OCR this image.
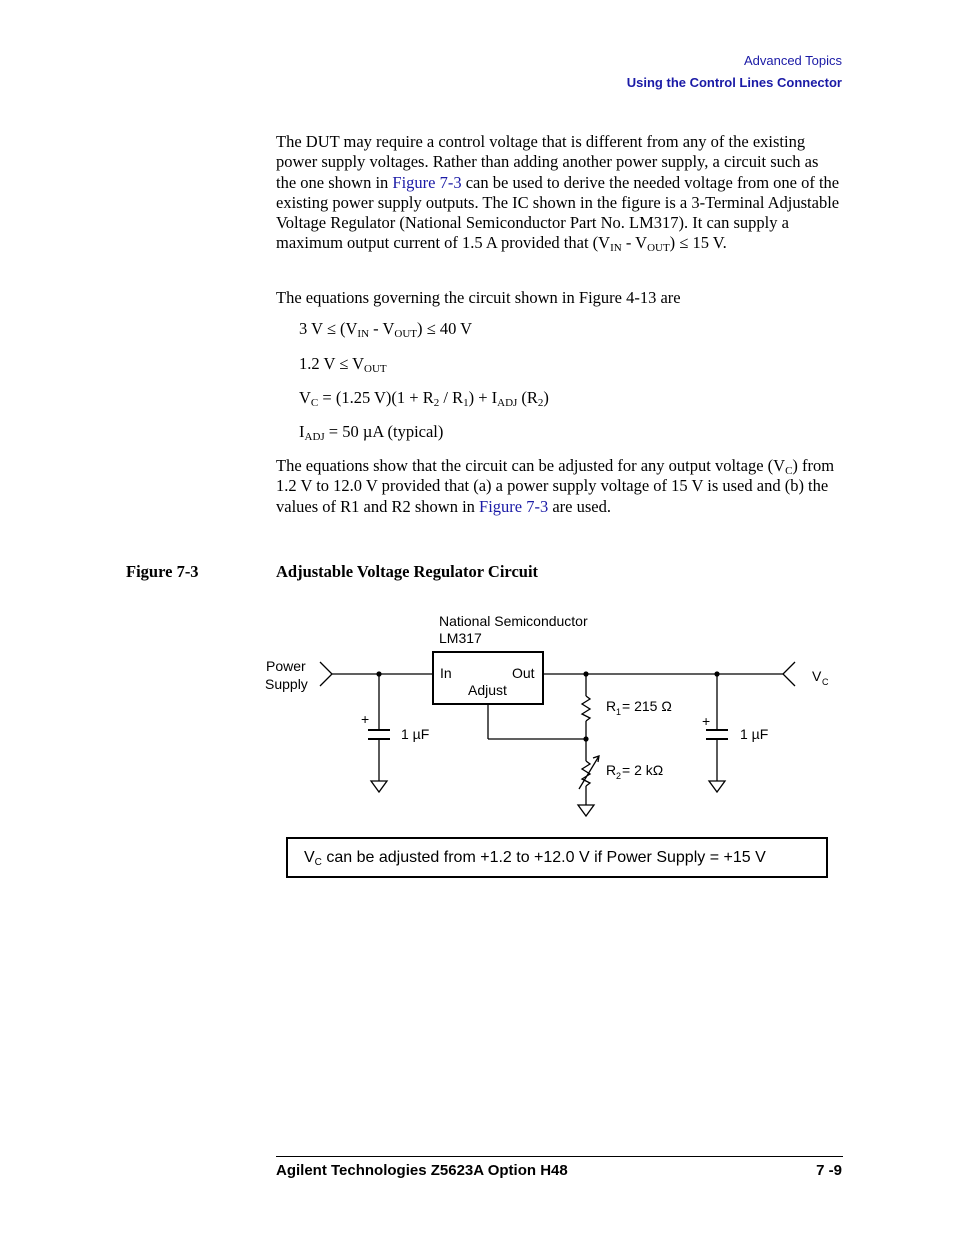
Advanced Topics
Using the Control Lines Connector

The DUT may require a control voltage that is different from any of the existing power supply voltages. Rather than adding another power supply, a circuit such as the one shown in Figure 7-3 can be used to derive the needed voltage from one of the existing power supply outputs. The IC shown in the figure is a 3-Terminal Adjustable Voltage Regulator (National Semiconductor Part No. LM317). It can supply a maximum output current of 1.5 A provided that $(V_{IN} - V_{OUT}) \le 15$ V.

The equations governing the circuit shown in Figure 4-13 are

3 $V \le (V_{IN} - V_{OUT}) \le 40$ V
1.2 $V \le V_{OUT}$
$V_C = (1.25$ $V)(1 + R_2 / R_1) + I_{ADJ}$ $(R_2)$
$I_{ADJ} = 50$ µA (typical)

The equations show that the circuit can be adjusted for any output voltage $(V_C)$ from 1.2 V to 12.0 V provided that (a) a power supply voltage of 15 V is used and (b) the values of R1 and R2 shown in Figure 7-3 are used.

Figure 7-3	Adjustable Voltage Regulator Circuit
National Semiconductor
LM317
In	Out
Adjust
Power
Supply	V C
+
1 µF
+
1 µF
R 1 = 215 Ω
R 2 = 2 kΩ
$V_C$ can be adjusted from +1.2 to +12.0 V if Power Supply = +15 V
Agilent Technologies Z5623A Option H48	7 -9
